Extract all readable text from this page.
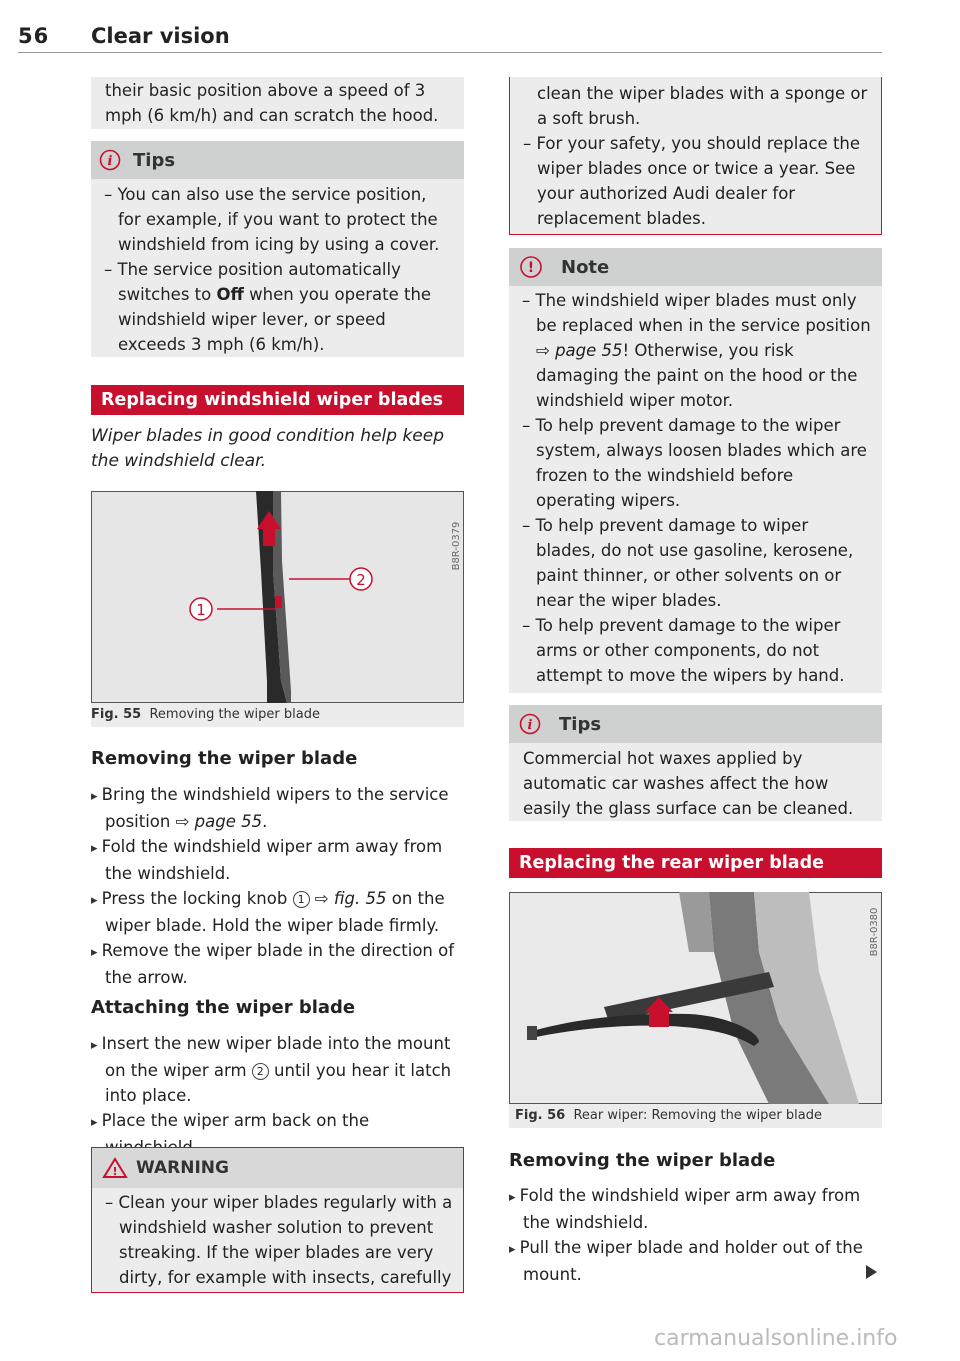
56 Clear vision

their basic position above a speed of 3 mph (6 km/h) and can scratch the hood.

i Tips

– You can also use the service position, for example, if you want to protect the windshield from icing by using a cover.

– The service position automatically switches to Off when you operate the windshield wiper lever, or speed exceeds 3 mph (6 km/h).

Replacing windshield wiper blades

Wiper blades in good condition help keep the windshield clear.

2
1
B8R-0379
Fig. 55 Removing the wiper blade
Removing the wiper blade

▸ Bring the windshield wipers to the service position ⇨ page 55.

▸ Fold the windshield wiper arm away from the windshield.

▸ Press the locking knob 1 ⇨ fig. 55 on the wiper blade. Hold the wiper blade firmly.

▸ Remove the wiper blade in the direction of the arrow.

Attaching the wiper blade

▸ Insert the new wiper blade into the mount on the wiper arm 2 until you hear it latch into place.

▸ Place the wiper arm back on the

! WARNING

– Clean your wiper blades regularly with a windshield washer solution to prevent streaking. If the wiper blades are very dirty, for example with insects, carefully

clean the wiper blades with a sponge or a soft brush.

– For your safety, you should replace the wiper blades once or twice a year. See your authorized Audi dealer for replacement blades.

! Note

– The windshield wiper blades must only be replaced when in the service position ⇨ page 55! Otherwise, you risk damaging the paint on the hood or the windshield wiper motor.

– To help prevent damage to the wiper system, always loosen blades which are frozen to the windshield before operating wipers.

– To help prevent damage to wiper blades, do not use gasoline, kerosene, paint thinner, or other solvents on or near the wiper blades.

– To help prevent damage to the wiper arms or other components, do not attempt to move the wipers by hand.

i Tips

Commercial hot waxes applied by automatic car washes affect the how easily the glass surface can be cleaned.

Replacing the rear wiper blade
B8R-0380
Fig. 56 Rear wiper: Removing the wiper blade
Removing the wiper blade

▸ Fold the windshield wiper arm away from the windshield.

▸ Pull the wiper blade and holder out of the mount.

carmanualsonline.info
